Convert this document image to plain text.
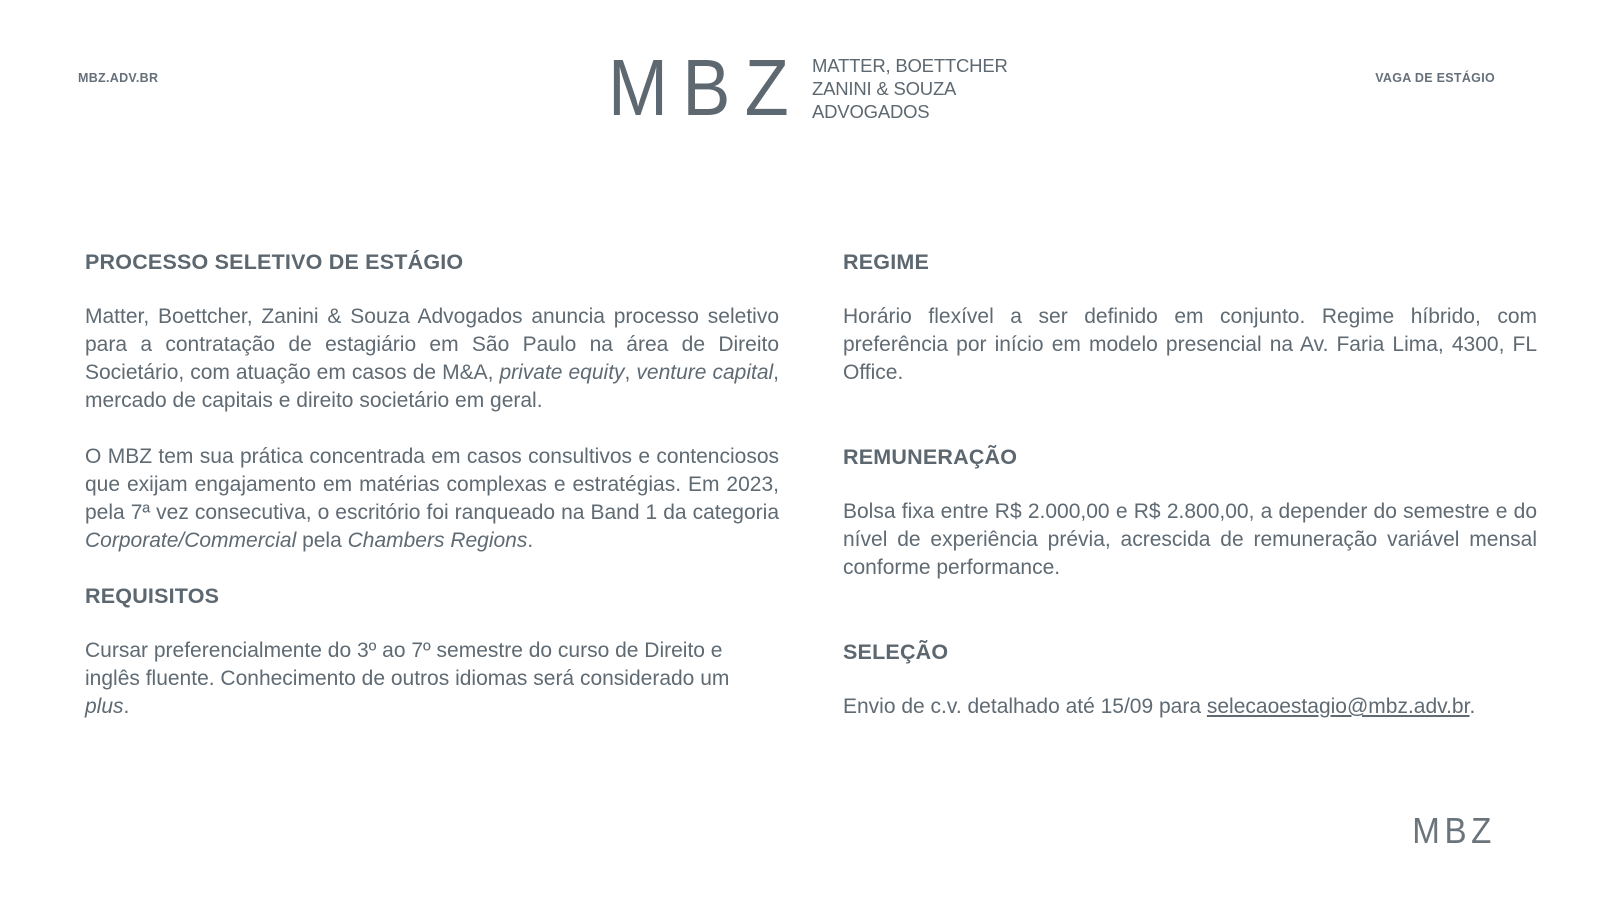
MBZ.ADV.BR	MBZ MATTER, BOETTCHER
ZANINI & SOUZA
ADVOGADOS
VAGA DE ESTÁGIO
PROCESSO SELETIVO DE ESTÁGIO

Matter, Boettcher, Zanini & Souza Advogados anuncia processo seletivo para a contratação de estagiário em São Paulo na área de Direito Societário, com atuação em casos de M&A, private equity, venture capital, mercado de capitais e direito societário em geral.

O MBZ tem sua prática concentrada em casos consultivos e contenciosos que exijam engajamento em matérias complexas e estratégias. Em 2023, pela 7ª vez consecutiva, o escritório foi ranqueado na Band 1 da categoria Corporate/Commercial pela Chambers Regions.

REQUISITOS

Cursar preferencialmente do 3º ao 7º semestre do curso de Direito e inglês fluente. Conhecimento de outros idiomas será considerado um plus.

REGIME

Horário flexível a ser definido em conjunto. Regime híbrido, com preferência por início em modelo presencial na Av. Faria Lima, 4300, FL Office.

REMUNERAÇÃO

Bolsa fixa entre R$ 2.000,00 e R$ 2.800,00, a depender do semestre e do nível de experiência prévia, acrescida de remuneração variável mensal conforme performance.

SELEÇÃO

Envio de c.v. detalhado até 15/09 para selecaoestagio@mbz.adv.br.

MBZ
